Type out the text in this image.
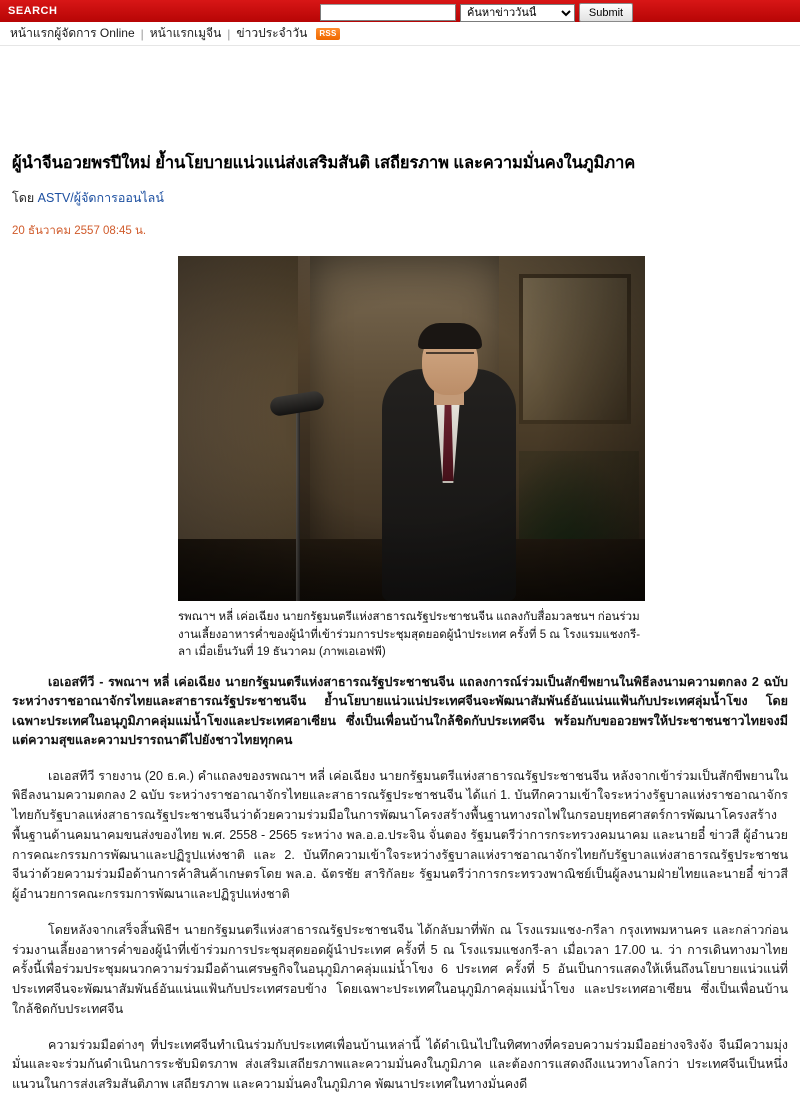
SEARCH
ค้นหาข่าววันนี้	Submit
หน้าแรกผู้จัดการ Online | หน้าแรกเมูจีน | ข่าวประจำวัน	RSS
ผู้นำจีนอวยพรปีใหม่ ย้ำนโยบายแน่วแน่ส่งเสริมสันติ เสถียรภาพ และความมั่นคงในภูมิภาค
โดย ASTV/ผู้จัดการออนไลน์
20 ธันวาคม 2557 08:45 น.
รพณาฯ หลี่ เค่อเฉียง นายกรัฐมนตรีแห่งสาธารณรัฐประชาชนจีน แถลงกับสื่อมวลชนฯ ก่อนร่วมงานเลี้ยงอาหารค่ำของผู้นำที่เข้าร่วมการประชุมสุดยอดผู้นำประเทศ ครั้งที่ 5 ณ โรงแรมแชงกรี-ลา เมื่อเย็นวันที่ 19 ธันวาคม (ภาพเอเอฟพี)

เอเอสทีวี - รพณาฯ หลี่ เค่อเฉียง นายกรัฐมนตรีแห่งสาธารณรัฐประชาชนจีน แถลงการณ์ร่วมเป็นสักขีพยานในพิธีลงนามความตกลง 2 ฉบับ ระหว่างราชอาณาจักรไทยและสาธารณรัฐประชาชนจีน ย้ำนโยบายแน่วแน่ประเทศจีนจะพัฒนาสัมพันธ์อันแน่นแฟ้นกับประเทศลุ่มน้ำโขง โดยเฉพาะประเทศในอนุภูมิภาคลุ่มแม่น้ำโขงและประเทศอาเซียน ซึ่งเป็นเพื่อนบ้านใกล้ชิดกับประเทศจีน พร้อมกับขออวยพรให้ประชาชนชาวไทยจงมีแต่ความสุขและความปรารถนาดีไปยังชาวไทยทุกคน

เอเอสทีวี รายงาน (20 ธ.ค.) คำแถลงของรพณาฯ หลี่ เค่อเฉียง นายกรัฐมนตรีแห่งสาธารณรัฐประชาชนจีน หลังจากเข้าร่วมเป็นสักขีพยานในพิธีลงนามความตกลง 2 ฉบับ ระหว่างราชอาณาจักรไทยและสาธารณรัฐประชาชนจีน ได้แก่ 1. บันทึกความเข้าใจระหว่างรัฐบาลแห่งราชอาณาจักรไทยกับรัฐบาลแห่งสาธารณรัฐประชาชนจีนว่าด้วยความร่วมมือในการพัฒนาโครงสร้างพื้นฐานทางรถไฟในกรอบยุทธศาสตร์การพัฒนาโครงสร้างพื้นฐานด้านคมนาคมขนส่งของไทย พ.ศ. 2558 - 2565 ระหว่าง พล.อ.อ.ประจิน จั่นตอง รัฐมนตรีว่าการกระทรวงคมนาคม และนายอี๋ ข่าวสี ผู้อำนวยการคณะกรรมการพัฒนาและปฏิรูปแห่งชาติ และ 2. บันทึกความเข้าใจระหว่างรัฐบาลแห่งราชอาณาจักรไทยกับรัฐบาลแห่งสาธารณรัฐประชาชนจีนว่าด้วยความร่วมมือด้านการค้าสินค้าเกษตรโดย พล.อ. ฉัตรชัย สาริกัลยะ รัฐมนตรีว่าการกระทรวงพาณิชย์เป็นผู้ลงนามฝ่ายไทยและนายอี๋ ข่าวสี ผู้อำนวยการคณะกรรมการพัฒนาและปฏิรูปแห่งชาติ

โดยหลังจากเสร็จสิ้นพิธีฯ นายกรัฐมนตรีแห่งสาธารณรัฐประชาชนจีน ได้กลับมาที่พัก ณ โรงแรมแชง-กรีลา กรุงเทพมหานคร และกล่าวก่อนร่วมงานเลี้ยงอาหารค่ำของผู้นำที่เข้าร่วมการประชุมสุดยอดผู้นำประเทศ ครั้งที่ 5 ณ โรงแรมแชงกรี-ลา เมื่อเวลา 17.00 น. ว่า การเดินทางมาไทยครั้งนี้เพื่อร่วมประชุมผนวกความร่วมมือด้านเศรษฐกิจในอนุภูมิภาคลุ่มแม่น้ำโขง 6 ประเทศ ครั้งที่ 5 อันเป็นการแสดงให้เห็นถึงนโยบายแน่วแน่ที่ประเทศจีนจะพัฒนาสัมพันธ์อันแน่นแฟ้นกับประเทศรอบข้าง โดยเฉพาะประเทศในอนุภูมิภาคลุ่มแม่น้ำโขง และประเทศอาเซียน ซึ่งเป็นเพื่อนบ้านใกล้ชิดกับประเทศจีน

ความร่วมมือต่างๆ ที่ประเทศจีนทำเนินร่วมกับประเทศเพื่อนบ้านเหล่านี้ ได้ดำเนินไปในทิศทางที่ครอบความร่วมมืออย่างจริงจัง จีนมีความมุ่งมั่นและจะร่วมกันดำเนินการระชับมิตรภาพ ส่งเสริมเสถียรภาพและความมั่นคงในภูมิภาค และต้องการแสดงถึงแนวทางโลกว่า ประเทศจีนเป็นหนึ่งแนวนในการส่งเสริมสันติภาพ เสถียรภาพ และความมั่นคงในภูมิภาค พัฒนาประเทศในทางมั่นคงดี
